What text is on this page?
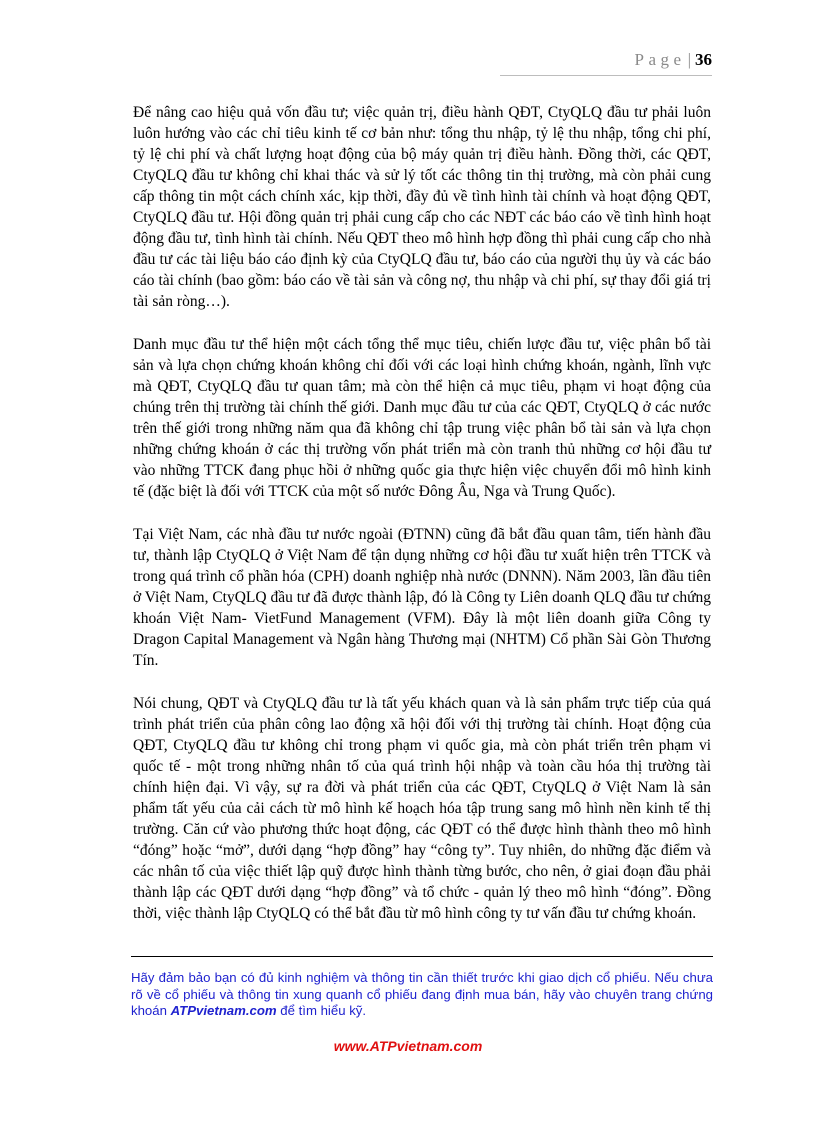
Page | 36

Để nâng cao hiệu quả vốn đầu tư; việc quản trị, điều hành QĐT, CtyQLQ đầu tư phải luôn luôn hướng vào các chỉ tiêu kinh tế cơ bản như: tổng thu nhập, tỷ lệ thu nhập, tổng chi phí, tỷ lệ chi phí và chất lượng hoạt động của bộ máy quản trị điều hành. Đồng thời, các QĐT, CtyQLQ đầu tư không chỉ khai thác và sử lý tốt các thông tin thị trường, mà còn phải cung cấp thông tin một cách chính xác, kịp thời, đầy đủ về tình hình tài chính và hoạt động QĐT, CtyQLQ đầu tư. Hội đồng quản trị phải cung cấp cho các NĐT các báo cáo về tình hình hoạt động đầu tư, tình hình tài chính. Nếu QĐT theo mô hình hợp đồng thì phải cung cấp cho nhà đầu tư các tài liệu báo cáo định kỳ của CtyQLQ đầu tư, báo cáo của người thụ ủy và các báo cáo tài chính (bao gồm: báo cáo về tài sản và công nợ, thu nhập và chi phí, sự thay đổi giá trị tài sản ròng…).

Danh mục đầu tư thể hiện một cách tổng thể mục tiêu, chiến lược đầu tư, việc phân bổ tài sản và lựa chọn chứng khoán không chỉ đối với các loại hình chứng khoán, ngành, lĩnh vực mà QĐT, CtyQLQ đầu tư quan tâm; mà còn thể hiện cả mục tiêu, phạm vi hoạt động của chúng trên thị trường tài chính thế giới. Danh mục đầu tư của các QĐT, CtyQLQ ở các nước trên thế giới trong những năm qua đã không chỉ tập trung việc phân bổ tài sản và lựa chọn những chứng khoán ở các thị trường vốn phát triển mà còn tranh thủ những cơ hội đầu tư vào những TTCK đang phục hồi ở những quốc gia thực hiện việc chuyển đổi mô hình kinh tế (đặc biệt là đối với TTCK của một số nước Đông Âu, Nga và Trung Quốc).

Tại Việt Nam, các nhà đầu tư nước ngoài (ĐTNN) cũng đã bắt đầu quan tâm, tiến hành đầu tư, thành lập CtyQLQ ở Việt Nam để tận dụng những cơ hội đầu tư xuất hiện trên TTCK và trong quá trình cổ phần hóa (CPH) doanh nghiệp nhà nước (DNNN). Năm 2003, lần đầu tiên ở Việt Nam, CtyQLQ đầu tư đã được thành lập, đó là Công ty Liên doanh QLQ đầu tư chứng khoán Việt Nam- VietFund Management (VFM). Đây là một liên doanh giữa Công ty Dragon Capital Management và Ngân hàng Thương mại (NHTM) Cổ phần Sài Gòn Thương Tín.

Nói chung, QĐT và CtyQLQ đầu tư là tất yếu khách quan và là sản phẩm trực tiếp của quá trình phát triển của phân công lao động xã hội đối với thị trường tài chính. Hoạt động của QĐT, CtyQLQ đầu tư không chỉ trong phạm vi quốc gia, mà còn phát triển trên phạm vi quốc tế - một trong những nhân tố của quá trình hội nhập và toàn cầu hóa thị trường tài chính hiện đại. Vì vậy, sự ra đời và phát triển của các QĐT, CtyQLQ ở Việt Nam là sản phẩm tất yếu của cải cách từ mô hình kế hoạch hóa tập trung sang mô hình nền kinh tế thị trường. Căn cứ vào phương thức hoạt động, các QĐT có thể được hình thành theo mô hình “đóng” hoặc “mở”, dưới dạng “hợp đồng” hay “công ty”. Tuy nhiên, do những đặc điểm và các nhân tố của việc thiết lập quỹ được hình thành từng bước, cho nên, ở giai đoạn đầu phải thành lập các QĐT dưới dạng “hợp đồng” và tổ chức - quản lý theo mô hình “đóng”. Đồng thời, việc thành lập CtyQLQ có thể bắt đầu từ mô hình công ty tư vấn đầu tư chứng khoán.

Hãy đảm bảo bạn có đủ kinh nghiệm và thông tin cần thiết trước khi giao dịch cổ phiếu. Nếu chưa rõ về cổ phiếu và thông tin xung quanh cổ phiếu đang định mua bán, hãy vào chuyên trang chứng khoán ATPvietnam.com để tìm hiểu kỹ.
www.ATPvietnam.com
